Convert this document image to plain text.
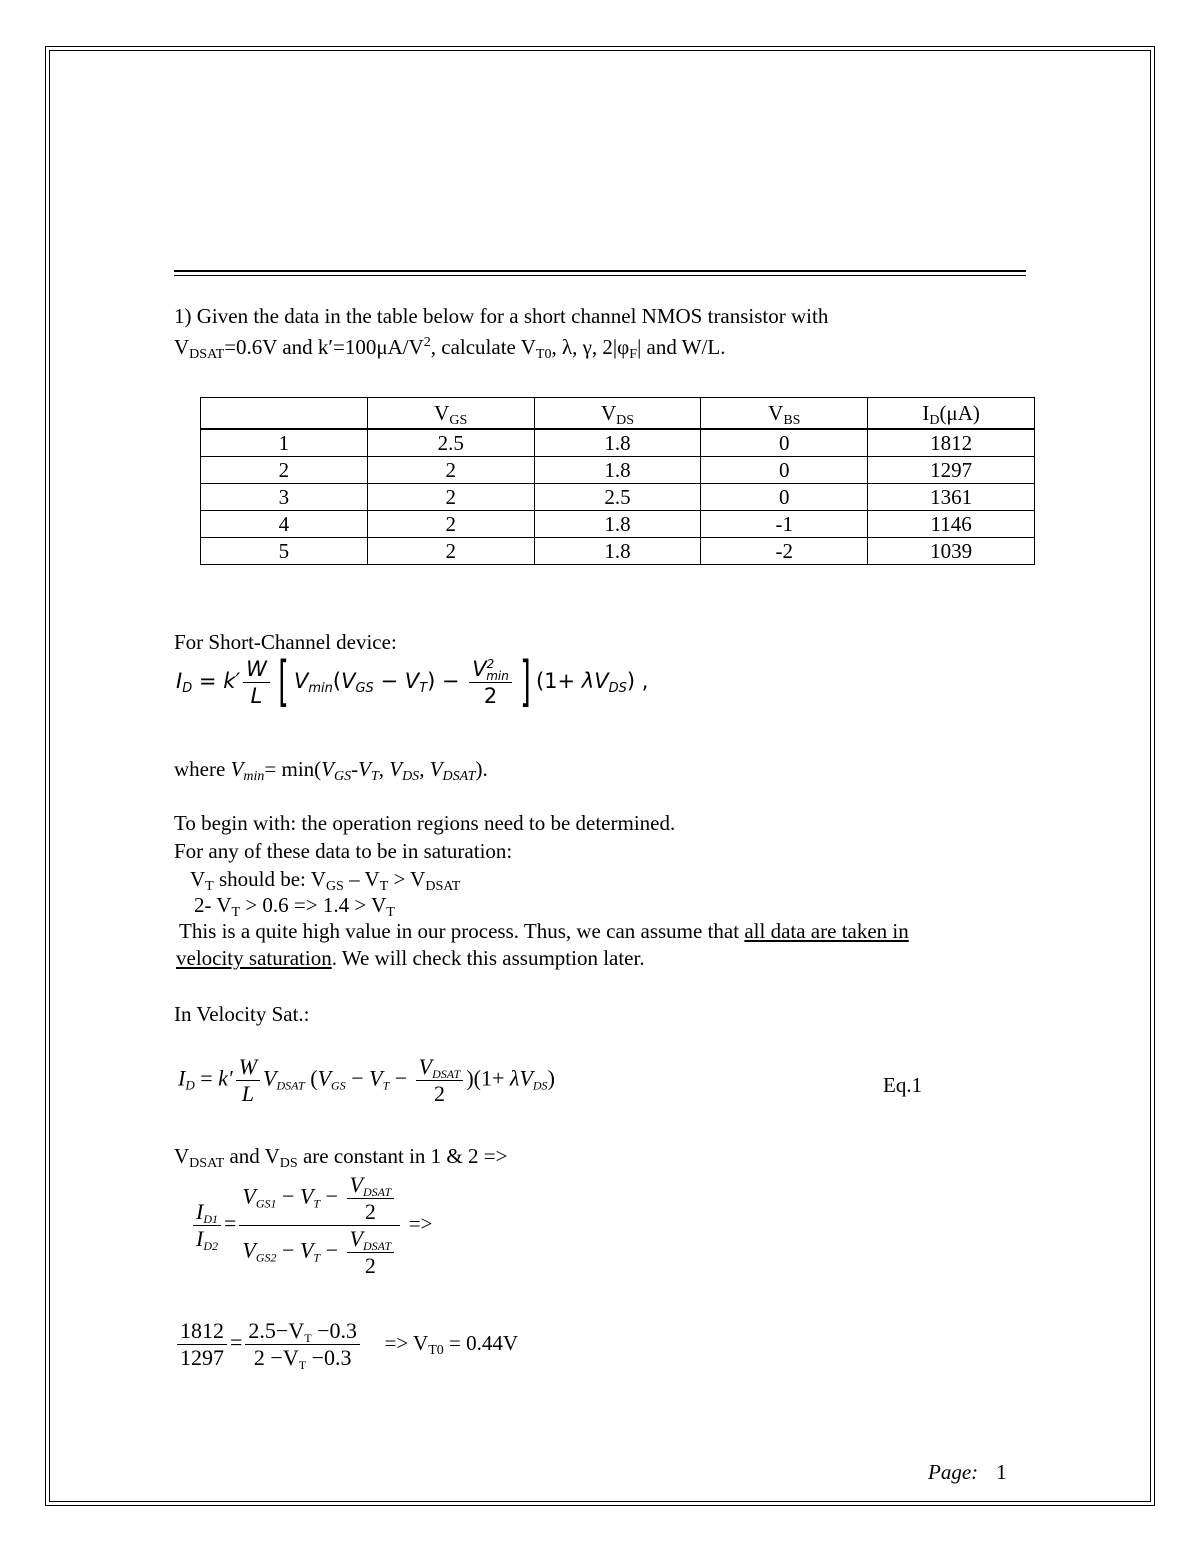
1) Given the data in the table below for a short channel NMOS transistor with
$V_{DSAT}=0.6V$ and $k'=100\mu A/V^2$, calculate $V_{T0}$, λ, γ, $2|\varphi_F|$ and W/L.
	$V_{GS}$	$V_{DS}$	$V_{BS}$	$I_D(\mu A)$
1	2.5	1.8	0	1812
2	2	1.8	0	1297
3	2	2.5	0	1361
4	2	1.8	-1	1146
5	2	1.8	-2	1039
For Short-Channel device:
$I_D = k' \frac{W}{L}$ [ $V_{min}(V_{GS} - V_T) - \frac{V^2_{min}}{2}$ ] $(1+ \lambda V_{DS})$ ,
where $V_{min}= \min(V_{GS}-V_T$, $V_{DS}$, $V_{DSAT}$).
To begin with: the operation regions need to be determined.
For any of these data to be in saturation:
$V_T$ should be: $V_{GS} - V_T > V_{DSAT}$
2- $V_T > 0.6 => 1.4 > V_T$
This is a quite high value in our process. Thus, we can assume that all data are taken in
velocity saturation. We will check this assumption later.
In Velocity Sat.:
$I_D = k' \frac{W}{L} V_{DSAT}$ $(V_{GS} - V_T - \frac{V_{DSAT}}{2} )(1+ \lambda V_{DS})$	Eq.1
$V_{DSAT}$ and $V_{DS}$ are constant in 1 & 2 =>
$\frac{I_{D1}}{I_{D2}} = \frac{V_{GS1} - V_T - \frac{V_{DSAT}}{2}}{V_{GS2} - V_T - \frac{V_{DSAT}}{2}}$ =>
$\frac{1812}{1297} = \frac{2.5-V_T -0.3}{2 -V_T -0.3} => V_{T0} = 0.44V$
Page: 1
